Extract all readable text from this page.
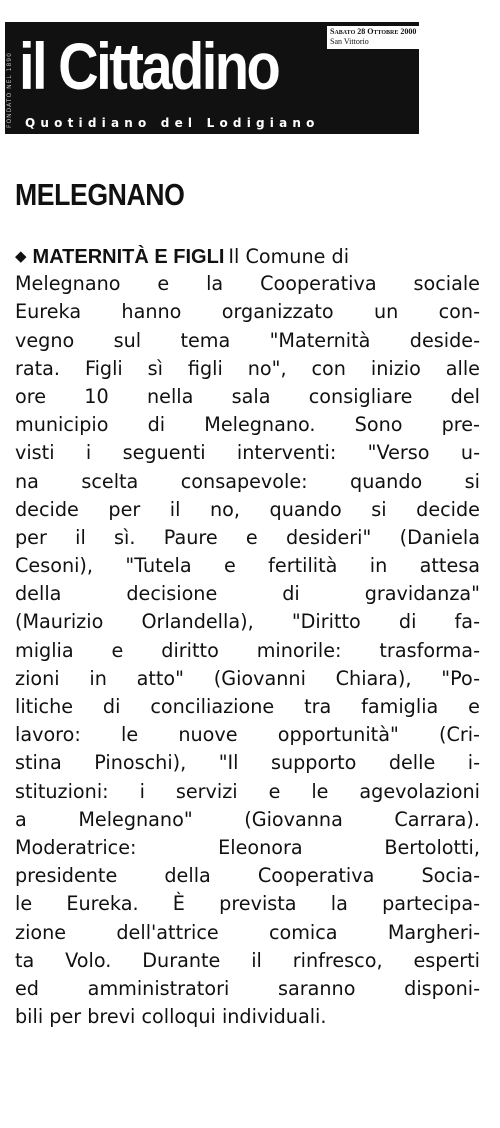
FONDATO NEL 1890 il Cittadino
Quotidiano del Lodigiano
Sabato 28 Ottobre 2000
San Vittorio
MELEGNANO
◆ MATERNITÀ E FIGLI Il Comune di
Melegnano e la Cooperativa sociale
Eureka hanno organizzato un con-
vegno sul tema "Maternità deside-
rata. Figli sì figli no", con inizio alle
ore 10 nella sala consigliare del
municipio di Melegnano. Sono pre-
visti i seguenti interventi: "Verso u-
na scelta consapevole: quando si
decide per il no, quando si decide
per il sì. Paure e desideri" (Daniela
Cesoni), "Tutela e fertilità in attesa
della decisione di gravidanza"
(Maurizio Orlandella), "Diritto di fa-
miglia e diritto minorile: trasforma-
zioni in atto" (Giovanni Chiara), "Po-
litiche di conciliazione tra famiglia e
lavoro: le nuove opportunità" (Cri-
stina Pinoschi), "Il supporto delle i-
stituzioni: i servizi e le agevolazioni
a Melegnano" (Giovanna Carrara).
Moderatrice: Eleonora Bertolotti,
presidente della Cooperativa Socia-
le Eureka. È prevista la partecipa-
zione dell'attrice comica Margheri-
ta Volo. Durante il rinfresco, esperti
ed amministratori saranno disponi-
bili per brevi colloqui individuali.
